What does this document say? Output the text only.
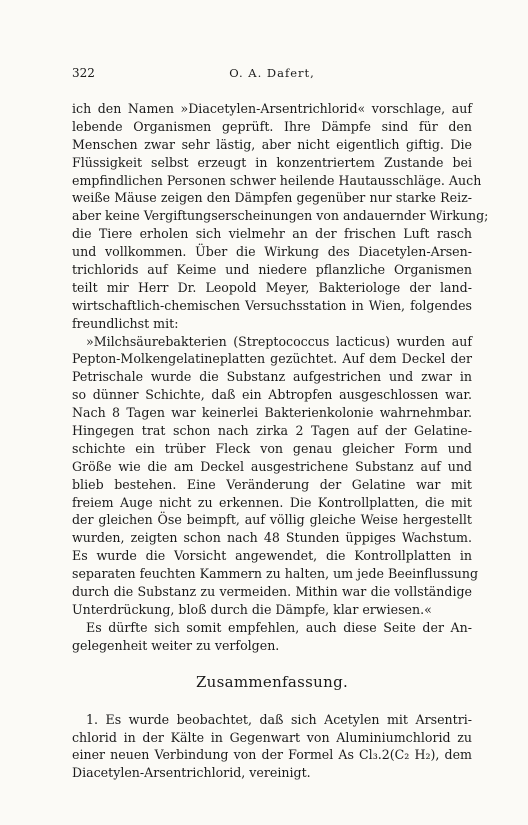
322	O. A. Dafert,
ich den Namen »Diacetylen-Arsentrichlorid« vorschlage, auf
lebende Organismen geprüft. Ihre Dämpfe sind für den
Menschen zwar sehr lästig, aber nicht eigentlich giftig. Die
Flüssigkeit selbst erzeugt in konzentriertem Zustande bei
empfindlichen Personen schwer heilende Hautausschläge. Auch
weiße Mäuse zeigen den Dämpfen gegenüber nur starke Reiz-
aber keine Vergiftungserscheinungen von andauernder Wirkung;
die Tiere erholen sich vielmehr an der frischen Luft rasch
und vollkommen. Über die Wirkung des Diacetylen-Arsen-
trichlorids auf Keime und niedere pflanzliche Organismen
teilt mir Herr Dr. Leopold Meyer, Bakteriologe der land-
wirtschaftlich-chemischen Versuchsstation in Wien, folgendes
freundlichst mit:
»Milchsäurebakterien (Streptococcus lacticus) wurden auf
Pepton-Molkengelatineplatten gezüchtet. Auf dem Deckel der
Petrischale wurde die Substanz aufgestrichen und zwar in
so dünner Schichte, daß ein Abtropfen ausgeschlossen war.
Nach 8 Tagen war keinerlei Bakterienkolonie wahrnehmbar.
Hingegen trat schon nach zirka 2 Tagen auf der Gelatine-
schichte ein trüber Fleck von genau gleicher Form und
Größe wie die am Deckel ausgestrichene Substanz auf und
blieb bestehen. Eine Veränderung der Gelatine war mit
freiem Auge nicht zu erkennen. Die Kontrollplatten, die mit
der gleichen Öse beimpft, auf völlig gleiche Weise hergestellt
wurden, zeigten schon nach 48 Stunden üppiges Wachstum.
Es wurde die Vorsicht angewendet, die Kontrollplatten in
separaten feuchten Kammern zu halten, um jede Beeinflussung
durch die Substanz zu vermeiden. Mithin war die vollständige
Unterdrückung, bloß durch die Dämpfe, klar erwiesen.«
Es dürfte sich somit empfehlen, auch diese Seite der An-
gelegenheit weiter zu verfolgen.
Zusammenfassung.
1. Es wurde beobachtet, daß sich Acetylen mit Arsentri-
chlorid in der Kälte in Gegenwart von Aluminiumchlorid zu
einer neuen Verbindung von der Formel As Cl₃.2(C₂ H₂), dem
Diacetylen-Arsentrichlorid, vereinigt.
